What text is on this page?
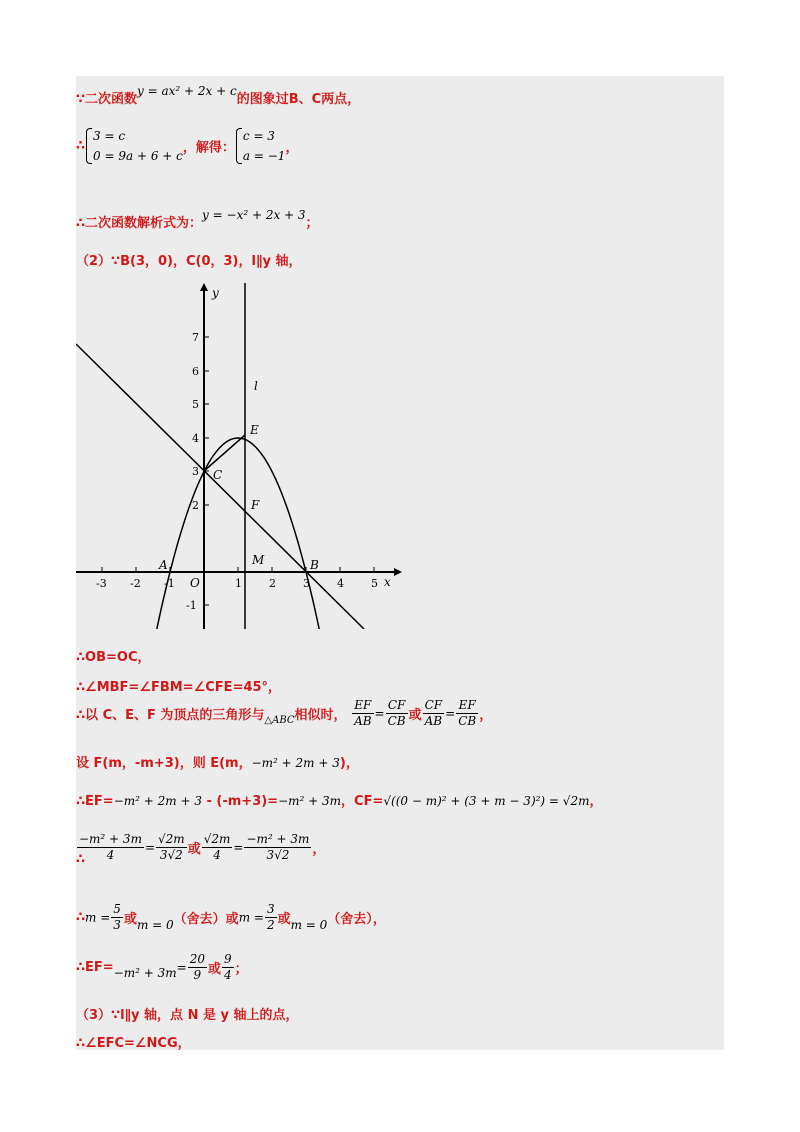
∵二次函数y = ax² + 2x + c的图象过B、C两点，
∴
3 = c
0 = 9a + 6 + c
，解得：
c = 3
a = −1
，
∴二次函数解析式为：y = −x² + 2x + 3；
（2）∵B(3，0)，C(0，3)，l∥y 轴，
-3 -2 -1	1 2 3 4 5
-1
2
3
4
5
6
7
x
y
O
A	B
C
E
F
M
l
∴OB=OC，
∴∠MBF=∠FBM=∠CFE=45°，
∴以 C、E、F 为顶点的三角形与$_{\triangle ABC}$相似时， $\frac{EF}{AB} = \frac{CF}{CB}$ 或 $\frac{CF}{AB} = \frac{EF}{CB}$ ，
设 F(m，-m+3)，则 E(m，−m² + 2m + 3)，
∴EF=−m² + 2m + 3 - (-m+3)=−m² + 3m，CF=√((0 − m)² + (3 + m − 3)²) = √2m，
$\frac{\text{−m² + 3m}}{4} = \frac{√2m}{3√2}$ 或 $\frac{√2m}{4} = \frac{\text{−m² + 3m}}{3√2}$ ，
∴
∴m = $\frac{5}{3}$ 或m = 0（舍去）或$m = \frac{3}{2}$ 或m = 0（舍去），
∴EF=−m² + $3m= \frac{20}{9}$ 或 $\frac{9}{4}$ ；
（3）∵l∥y 轴，点 N 是 y 轴上的点，
∴∠EFC=∠NCG，
